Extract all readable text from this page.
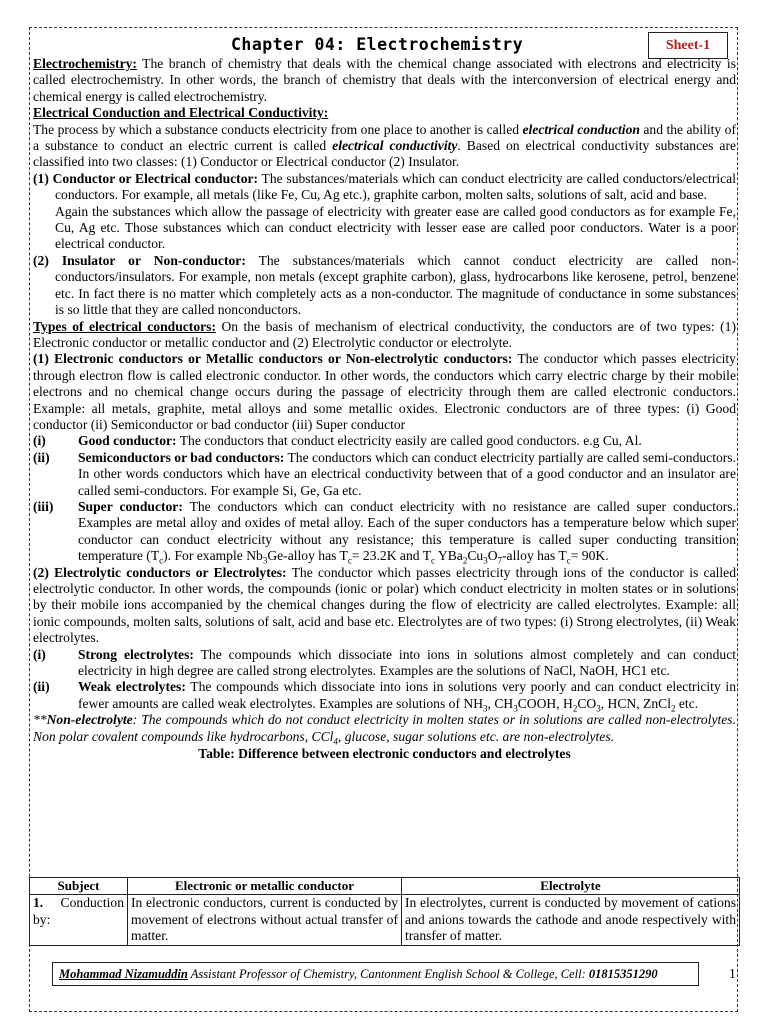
Chapter 04: Electrochemistry	Sheet-1

Electrochemistry: The branch of chemistry that deals with the chemical change associated with electrons and electricity is called electrochemistry. In other words, the branch of chemistry that deals with the interconversion of electrical energy and chemical energy is called electrochemistry.

Electrical Conduction and Electrical Conductivity:

The process by which a substance conducts electricity from one place to another is called electrical conduction and the ability of a substance to conduct an electric current is called electrical conductivity. Based on electrical conductivity substances are classified into two classes: (1) Conductor or Electrical conductor (2) Insulator.

(1) Conductor or Electrical conductor: The substances/materials which can conduct electricity are called conductors/electrical conductors. For example, all metals (like Fe, Cu, Ag etc.), graphite carbon, molten salts, solutions of salt, acid and base.

Again the substances which allow the passage of electricity with greater ease are called good conductors as for example Fe, Cu, Ag etc. Those substances which can conduct electricity with lesser ease are called poor conductors. Water is a poor electrical conductor.

(2) Insulator or Non-conductor: The substances/materials which cannot conduct electricity are called non-conductors/insulators. For example, non metals (except graphite carbon), glass, hydrocarbons like kerosene, petrol, benzene etc. In fact there is no matter which completely acts as a non-conductor. The magnitude of conductance in some substances is so little that they are called nonconductors.

Types of electrical conductors: On the basis of mechanism of electrical conductivity, the conductors are of two types: (1) Electronic conductor or metallic conductor and (2) Electrolytic conductor or electrolyte.

(1) Electronic conductors or Metallic conductors or Non-electrolytic conductors: The conductor which passes electricity through electron flow is called electronic conductor. In other words, the conductors which carry electric charge by their mobile electrons and no chemical change occurs during the passage of electricity through them are called electronic conductors. Example: all metals, graphite, metal alloys and some metallic oxides. Electronic conductors are of three types: (i) Good conductor (ii) Semiconductor or bad conductor (iii) Super conductor

(i)	Good conductor: The conductors that conduct electricity easily are called good conductors. e.g Cu, Al.
(ii)	Semiconductors or bad conductors: The conductors which can conduct electricity partially are called semi-conductors. In other words conductors which have an electrical conductivity between that of a good conductor and an insulator are called semi-conductors. For example Si, Ge, Ga etc.
(iii)	Super conductor: The conductors which can conduct electricity with no resistance are called super conductors. Examples are metal alloy and oxides of metal alloy. Each of the super conductors has a temperature below which super conductor can conduct electricity without any resistance; this temperature is called super conducting transition temperature $(T_c)$. For example $Nb_3Ge$-alloy has $T_c= 23.2K$ and $T_c$ $YBa_2Cu_3O_7$-alloy has $T_c= 90K$.

(2) Electrolytic conductors or Electrolytes: The conductor which passes electricity through ions of the conductor is called electrolytic conductor. In other words, the compounds (ionic or polar) which conduct electricity in molten states or in solutions by their mobile ions accompanied by the chemical changes during the flow of electricity are called electrolytes. Example: all ionic compounds, molten salts, solutions of salt, acid and base etc. Electrolytes are of two types: (i) Strong electrolytes, (ii) Weak electrolytes.

(i)	Strong electrolytes: The compounds which dissociate into ions in solutions almost completely and can conduct electricity in high degree are called strong electrolytes. Examples are the solutions of NaCl, NaOH, HC1 etc.
(ii)	Weak electrolytes: The compounds which dissociate into ions in solutions very poorly and can conduct electricity in fewer amounts are called weak electrolytes. Examples are solutions of $NH_3$, $CH_3COOH$, $H_2CO_3$, HCN, ZnCl$_2$ etc.

**Non-electrolyte: The compounds which do not conduct electricity in molten states or in solutions are called non-electrolytes. Non polar covalent compounds like hydrocarbons, CCl$_4$, glucose, sugar solutions etc. are non-electrolytes.

Table: Difference between electronic conductors and electrolytes

Subject	Electronic or metallic conductor	Electrolyte
1. Conduction by:	In electronic conductors, current is conducted by movement of electrons without actual transfer of matter.	In electrolytes, current is conducted by movement of cations and anions towards the cathode and anode respectively with transfer of matter.
Mohammad Nizamuddin Assistant Professor of Chemistry, Cantonment English School & College, Cell: 01815351290	1
